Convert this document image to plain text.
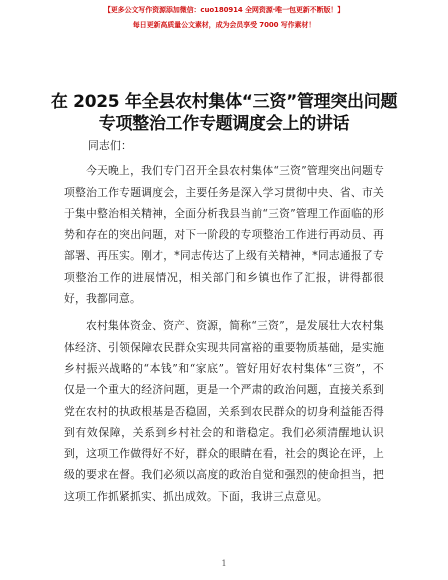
【更多公文写作资源添加微信：cuo180914 全网资源·唯一包更新不断版！】
每日更新高质量公文素材，成为会员享受 7000 写作素材！
在 2025 年全县农村集体“三资”管理突出问题
专项整治工作专题调度会上的讲话

同志们：

今天晚上，我们专门召开全县农村集体“三资”管理突出问题专项整治工作专题调度会，主要任务是深入学习贯彻中央、省、市关于集中整治相关精神，全面分析我县当前“三资”管理工作面临的形势和存在的突出问题，对下一阶段的专项整治工作进行再动员、再部署、再压实。刚才，*同志传达了上级有关精神，*同志通报了专项整治工作的进展情况，相关部门和乡镇也作了汇报，讲得都很好，我都同意。

农村集体资金、资产、资源，简称“三资”，是发展壮大农村集体经济、引领保障农民群众实现共同富裕的重要物质基础，是实施乡村振兴战略的“本钱”和“家底”。管好用好农村集体“三资”，不仅是一个重大的经济问题，更是一个严肃的政治问题，直接关系到党在农村的执政根基是否稳固，关系到农民群众的切身利益能否得到有效保障，关系到乡村社会的和谐稳定。我们必须清醒地认识到，这项工作做得好不好，群众的眼睛在看，社会的舆论在评，上级的要求在督。我们必须以高度的政治自觉和强烈的使命担当，把这项工作抓紧抓实、抓出成效。下面，我讲三点意见。

1
